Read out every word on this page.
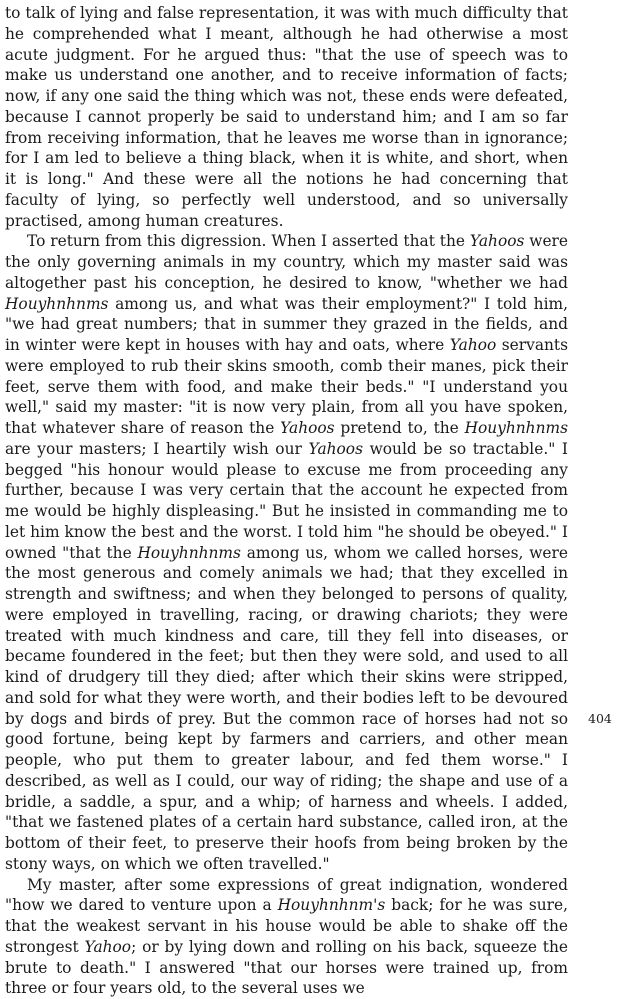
to talk of lying and false representation, it was with much difficulty that he comprehended what I meant, although he had otherwise a most acute judgment. For he argued thus: "that the use of speech was to make us understand one another, and to receive information of facts; now, if any one said the thing which was not, these ends were defeated, because I cannot properly be said to understand him; and I am so far from receiving information, that he leaves me worse than in ignorance; for I am led to believe a thing black, when it is white, and short, when it is long." And these were all the notions he had concerning that faculty of lying, so perfectly well understood, and so universally practised, among human creatures.

To return from this digression. When I asserted that the Yahoos were the only governing animals in my country, which my master said was altogether past his conception, he desired to know, "whether we had Houyhnhnms among us, and what was their employment?" I told him, "we had great numbers; that in summer they grazed in the fields, and in winter were kept in houses with hay and oats, where Yahoo servants were employed to rub their skins smooth, comb their manes, pick their feet, serve them with food, and make their beds." "I understand you well," said my master: "it is now very plain, from all you have spoken, that whatever share of reason the Yahoos pretend to, the Houyhnhnms are your masters; I heartily wish our Yahoos would be so tractable." I begged "his honour would please to excuse me from proceeding any further, because I was very certain that the account he expected from me would be highly displeasing." But he insisted in commanding me to let him know the best and the worst. I told him "he should be obeyed." I owned "that the Houyhnhnms among us, whom we called horses, were the most generous and comely animals we had; that they excelled in strength and swiftness; and when they belonged to persons of quality, were employed in travelling, racing, or drawing chariots; they were treated with much kindness and care, till they fell into diseases, or became foundered in the feet; but then they were sold, and used to all kind of drudgery till they died; after which their skins were stripped, and sold for what they were worth, and their bodies left to be devoured by dogs and birds of prey. But the common race of horses had not so good fortune, being kept by farmers and carriers, and other mean people, who put them to greater labour, and fed them worse." I described, as well as I could, our way of riding; the shape and use of a bridle, a saddle, a spur, and a whip; of harness and wheels. I added, "that we fastened plates of a certain hard substance, called iron, at the bottom of their feet, to preserve their hoofs from being broken by the stony ways, on which we often travelled."

My master, after some expressions of great indignation, wondered "how we dared to venture upon a Houyhnhnm's back; for he was sure, that the weakest servant in his house would be able to shake off the strongest Yahoo; or by lying down and rolling on his back, squeeze the brute to death." I answered "that our horses were trained up, from three or four years old, to the several uses we

404
